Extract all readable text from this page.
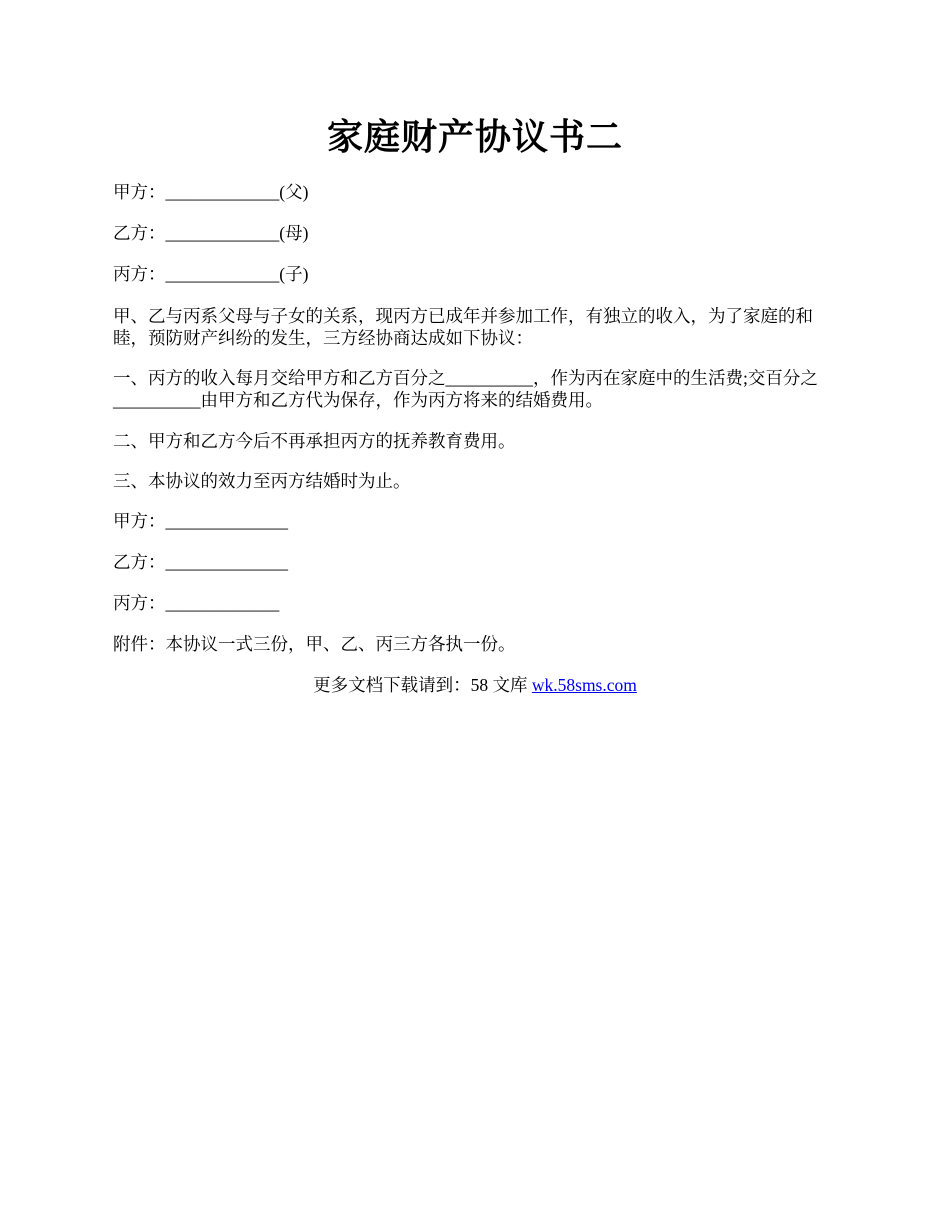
家庭财产协议书二
甲方：_____________(父)
乙方：_____________(母)
丙方：_____________(子)
甲、乙与丙系父母与子女的关系，现丙方已成年并参加工作，有独立的收入，为了家庭的和睦，预防财产纠纷的发生，三方经协商达成如下协议：
一、丙方的收入每月交给甲方和乙方百分之__________，作为丙在家庭中的生活费;交百分之__________由甲方和乙方代为保存，作为丙方将来的结婚费用。
二、甲方和乙方今后不再承担丙方的抚养教育费用。
三、本协议的效力至丙方结婚时为止。
甲方：______________
乙方：______________
丙方：_____________
附件：本协议一式三份，甲、乙、丙三方各执一份。
更多文档下载请到：58 文库 wk.58sms.com
